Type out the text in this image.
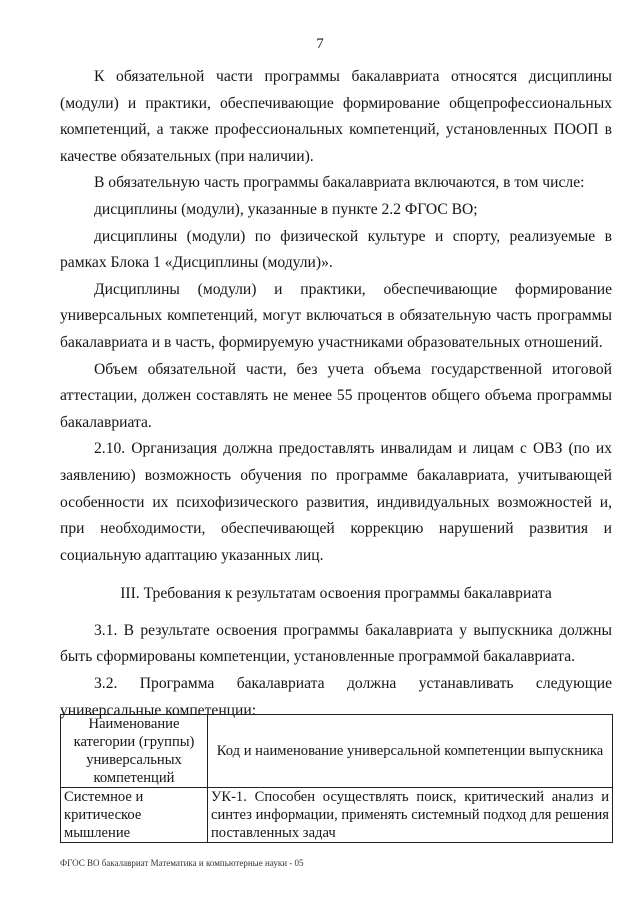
7

К обязательной части программы бакалавриата относятся дисциплины (модули) и практики, обеспечивающие формирование общепрофессиональных компетенций, а также профессиональных компетенций, установленных ПООП в качестве обязательных (при наличии).

В обязательную часть программы бакалавриата включаются, в том числе:

дисциплины (модули), указанные в пункте 2.2 ФГОС ВО;

дисциплины (модули) по физической культуре и спорту, реализуемые в рамках Блока 1 «Дисциплины (модули)».

Дисциплины (модули) и практики, обеспечивающие формирование универсальных компетенций, могут включаться в обязательную часть программы бакалавриата и в часть, формируемую участниками образовательных отношений.

Объем обязательной части, без учета объема государственной итоговой аттестации, должен составлять не менее 55 процентов общего объема программы бакалавриата.

2.10. Организация должна предоставлять инвалидам и лицам с ОВЗ (по их заявлению) возможность обучения по программе бакалавриата, учитывающей особенности их психофизического развития, индивидуальных возможностей и, при необходимости, обеспечивающей коррекцию нарушений развития и социальную адаптацию указанных лиц.

III. Требования к результатам освоения программы бакалавриата

3.1. В результате освоения программы бакалавриата у выпускника должны быть сформированы компетенции, установленные программой бакалавриата.

3.2. Программа бакалавриата должна устанавливать следующие универсальные компетенции:

Наименование категории (группы) универсальных компетенций	Код и наименование универсальной компетенции выпускника
Системное и критическое мышление	УК-1. Способен осуществлять поиск, критический анализ и синтез информации, применять системный подход для решения поставленных задач
ФГОС ВО бакалавриат Математика и компьютерные науки - 05
